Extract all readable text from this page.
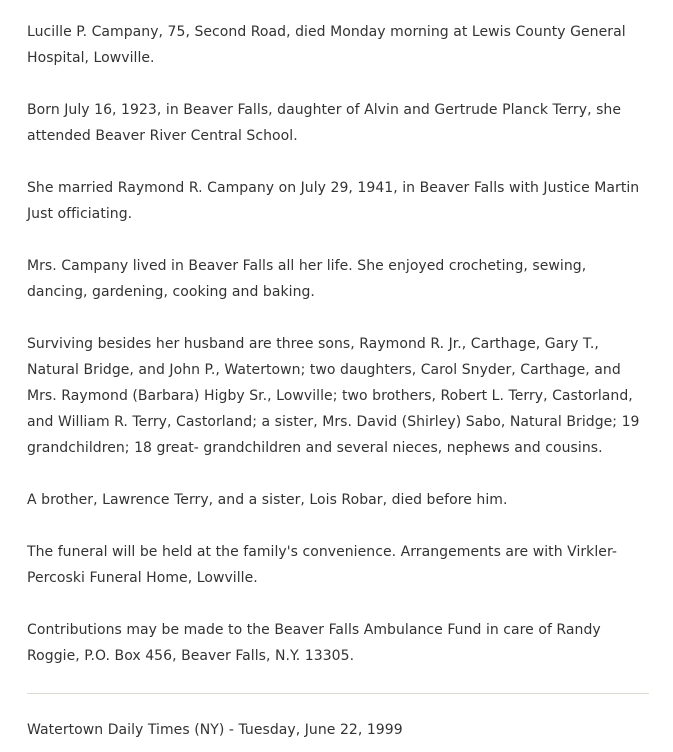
Lucille P. Campany, 75, Second Road, died Monday morning at Lewis County General Hospital, Lowville.

Born July 16, 1923, in Beaver Falls, daughter of Alvin and Gertrude Planck Terry, she attended Beaver River Central School.

She married Raymond R. Campany on July 29, 1941, in Beaver Falls with Justice Martin Just officiating.

Mrs. Campany lived in Beaver Falls all her life. She enjoyed crocheting, sewing, dancing, gardening, cooking and baking.

Surviving besides her husband are three sons, Raymond R. Jr., Carthage, Gary T., Natural Bridge, and John P., Watertown; two daughters, Carol Snyder, Carthage, and Mrs. Raymond (Barbara) Higby Sr., Lowville; two brothers, Robert L. Terry, Castorland, and William R. Terry, Castorland; a sister, Mrs. David (Shirley) Sabo, Natural Bridge; 19 grandchildren; 18 great- grandchildren and several nieces, nephews and cousins.

A brother, Lawrence Terry, and a sister, Lois Robar, died before him.

The funeral will be held at the family's convenience. Arrangements are with Virkler-Percoski Funeral Home, Lowville.

Contributions may be made to the Beaver Falls Ambulance Fund in care of Randy Roggie, P.O. Box 456, Beaver Falls, N.Y. 13305.

Watertown Daily Times (NY) - Tuesday, June 22, 1999
